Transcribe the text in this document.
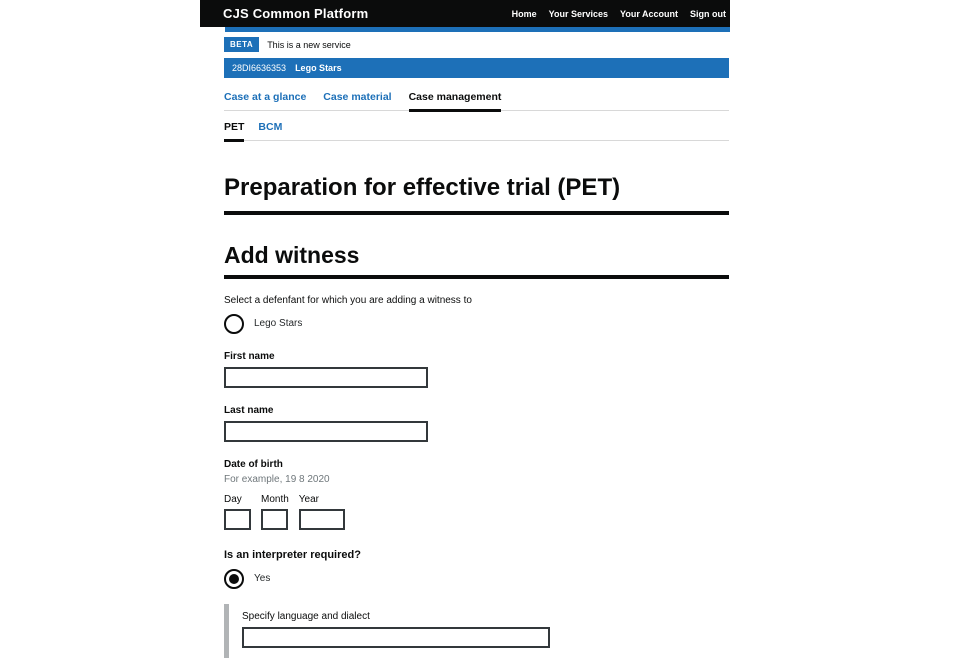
CJS Common Platform	Home Your Services Your Account Sign out
BETA	This is a new service
28DI6636353 Lego Stars
Case at a glance Case material Case management
PET BCM
Preparation for effective trial (PET)
Add witness
Select a defenfant for which you are adding a witness to
Lego Stars
First name
Last name
Date of birth
For example, 19 8 2020
Day	Month Year
Is an interpreter required?
Yes
Specify language and dialect
